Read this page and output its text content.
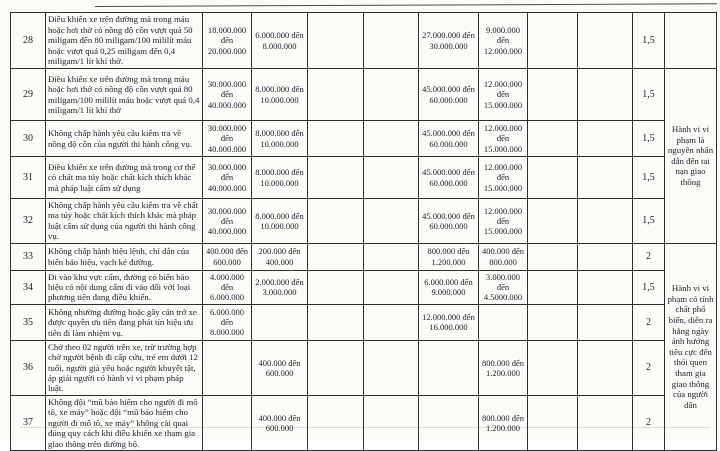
28	Điều khiển xe trên đường mà trong máu hoặc hơi thở có nồng độ cồn vượt quá 50 miligam đến 80 miligam/100 mililít máu hoặc vượt quá 0,25 miligam đến 0,4 miligam/1 lít khí thở.	18.000.000 đến 20.000.000	6.000.000 đến 8.000.000			27.000.000 đến 30.000.000	9.000.000 đến 12.000.000			1,5	
29	Điều khiển xe trên đường mà trong máu hoặc hơi thở có nồng độ cồn vượt quá 80 miligam/100 mililít máu hoặc vượt quá 0,4 miligam/1 lít khí thở	30.000.000 đến 40.000.000	8.000.000 đến 10.000.000			45.000.000 đến 60.000.000	12.000.000 đến 15.000.000			1,5	Hành vi vi phạm là nguyên nhân dẫn đến tai nạn giao thông
30	Không chấp hành yêu cầu kiểm tra về nồng độ cồn của người thi hành công vụ.	30.000.000 đến 40.000.000	8.000.000 đến 10.000.000			45.000.000 đến 60.000.000	12.000.000 đến 15.000.000			1,5	
31	Điều khiển xe trên đường mà trong cơ thể có chất ma túy hoặc chất kích thích khác mà pháp luật cấm sử dụng	30.000.000 đến 40.000.000	8.000.000 đến 10.000.000			45.000.000 đến 60.000.000	12.000.000 đến 15.000.000			1,5	
32	Không chấp hành yêu cầu kiểm tra về chất ma túy hoặc chất kích thích khác mà pháp luật cấm sử dụng của người thi hành công vụ.	30.000.000 đến 40.000.000	8.000.000 đến 10.000.000			45.000.000 đến 60.000.000	12.000.000 đến 15.000.000			1,5	
33	Không chấp hành hiệu lệnh, chỉ dẫn của biển báo hiệu, vạch kẻ đường.	400.000 đến 600.000	200.000 đến 400.000			800.000 đến 1.200.000	400.000 đến 800.000			2	Hành vi vi phạm có tính chất phổ biến, diễn ra hằng ngày ảnh hưởng tiêu cực đến thói quen tham gia giao thông của người dân
34	Đi vào khu vực cấm, đường có biển báo hiệu có nội dung cấm đi vào đối với loại phương tiện đang điều khiển.	4.000.000 đến 6.000.000	2.000.000 đến 3.000.000			6.000.000 đến 9.000.000	3.000.000 đến 4.5000.000			1,5	
35	Không nhường đường hoặc gây cản trở xe được quyền ưu tiên đang phát tín hiệu ưu tiên đi làm nhiệm vụ.	6.000.000 đến 8.000.000				12.000.000 đến 16.000.000				2	
36	Chở theo 02 người trên xe, trừ trường hợp chở người bệnh đi cấp cứu, trẻ em dưới 12 tuổi, người già yếu hoặc người khuyết tật, áp giải người có hành vi vi phạm pháp luật.		400.000 đến 600.000				800.000 đến 1.200.000			2	
37	Không đội “mũ bảo hiểm cho người đi mô tô, xe máy” hoặc đội “mũ bảo hiểm cho người đi mô tô, xe máy” không cài quai đúng quy cách khi điều khiển xe tham gia giao thông trên đường bộ.		400.000 đến 600.000				800.000 đến 1.200.000			2	
